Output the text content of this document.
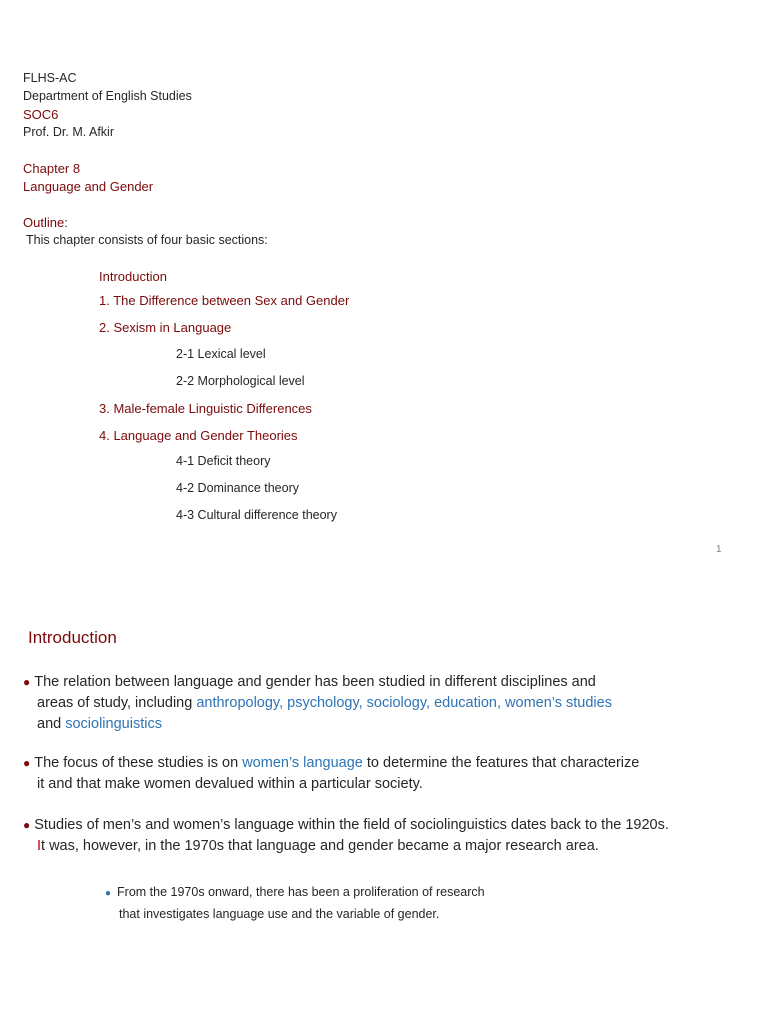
FLHS-AC
Department of English Studies
SOC6
Prof. Dr. M. Afkir
Chapter 8
Language and Gender
Outline:
This chapter consists of four basic sections:
Introduction
1. The Difference between Sex and Gender
2. Sexism in Language
2-1 Lexical level
2-2 Morphological level
3. Male-female Linguistic Differences
4. Language and Gender Theories
4-1 Deficit theory
4-2 Dominance theory
4-3 Cultural difference theory
1
Introduction
● The relation between language and gender has been studied in different disciplines and
areas of study, including anthropology, psychology, sociology, education, women’s studies
and sociolinguistics
● The focus of these studies is on women’s language to determine the features that characterize
it and that make women devalued within a particular society.
● Studies of men’s and women’s language within the field of sociolinguistics dates back to the 1920s.
It was, however, in the 1970s that language and gender became a major research area.
● From the 1970s onward, there has been a proliferation of research
that investigates language use and the variable of gender.
